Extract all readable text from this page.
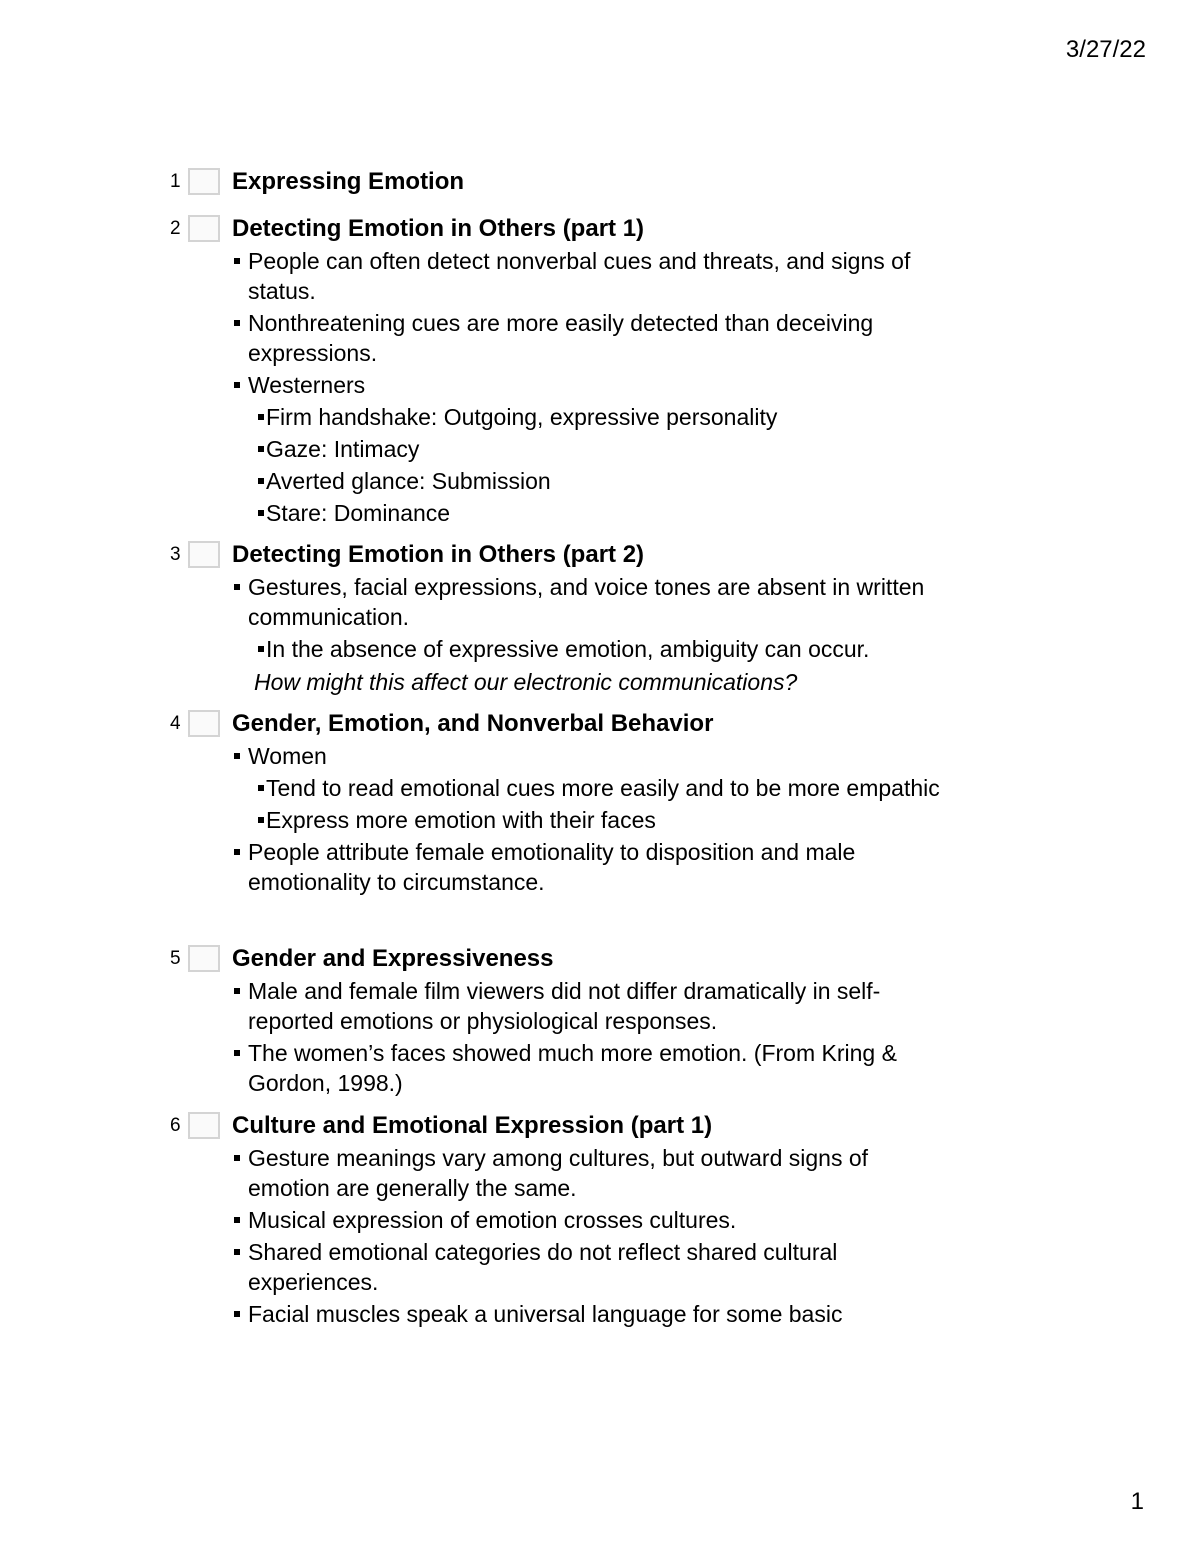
3/27/22
1 Expressing Emotion
2 Detecting Emotion in Others (part 1)
People can often detect nonverbal cues and threats, and signs of status.
Nonthreatening cues are more easily detected than deceiving expressions.
Westerners
Firm handshake: Outgoing, expressive personality
Gaze: Intimacy
Averted glance: Submission
Stare: Dominance
3 Detecting Emotion in Others (part 2)
Gestures, facial expressions, and voice tones are absent in written communication.
In the absence of expressive emotion, ambiguity can occur.
How might this affect our electronic communications?
4 Gender, Emotion, and Nonverbal Behavior
Women
Tend to read emotional cues more easily and to be more empathic
Express more emotion with their faces
People attribute female emotionality to disposition and male emotionality to circumstance.
5 Gender and Expressiveness
Male and female film viewers did not differ dramatically in self-reported emotions or physiological responses.
The women’s faces showed much more emotion. (From Kring & Gordon, 1998.)
6 Culture and Emotional Expression (part 1)
Gesture meanings vary among cultures, but outward signs of emotion are generally the same.
Musical expression of emotion crosses cultures.
Shared emotional categories do not reflect shared cultural experiences.
Facial muscles speak a universal language for some basic
1
